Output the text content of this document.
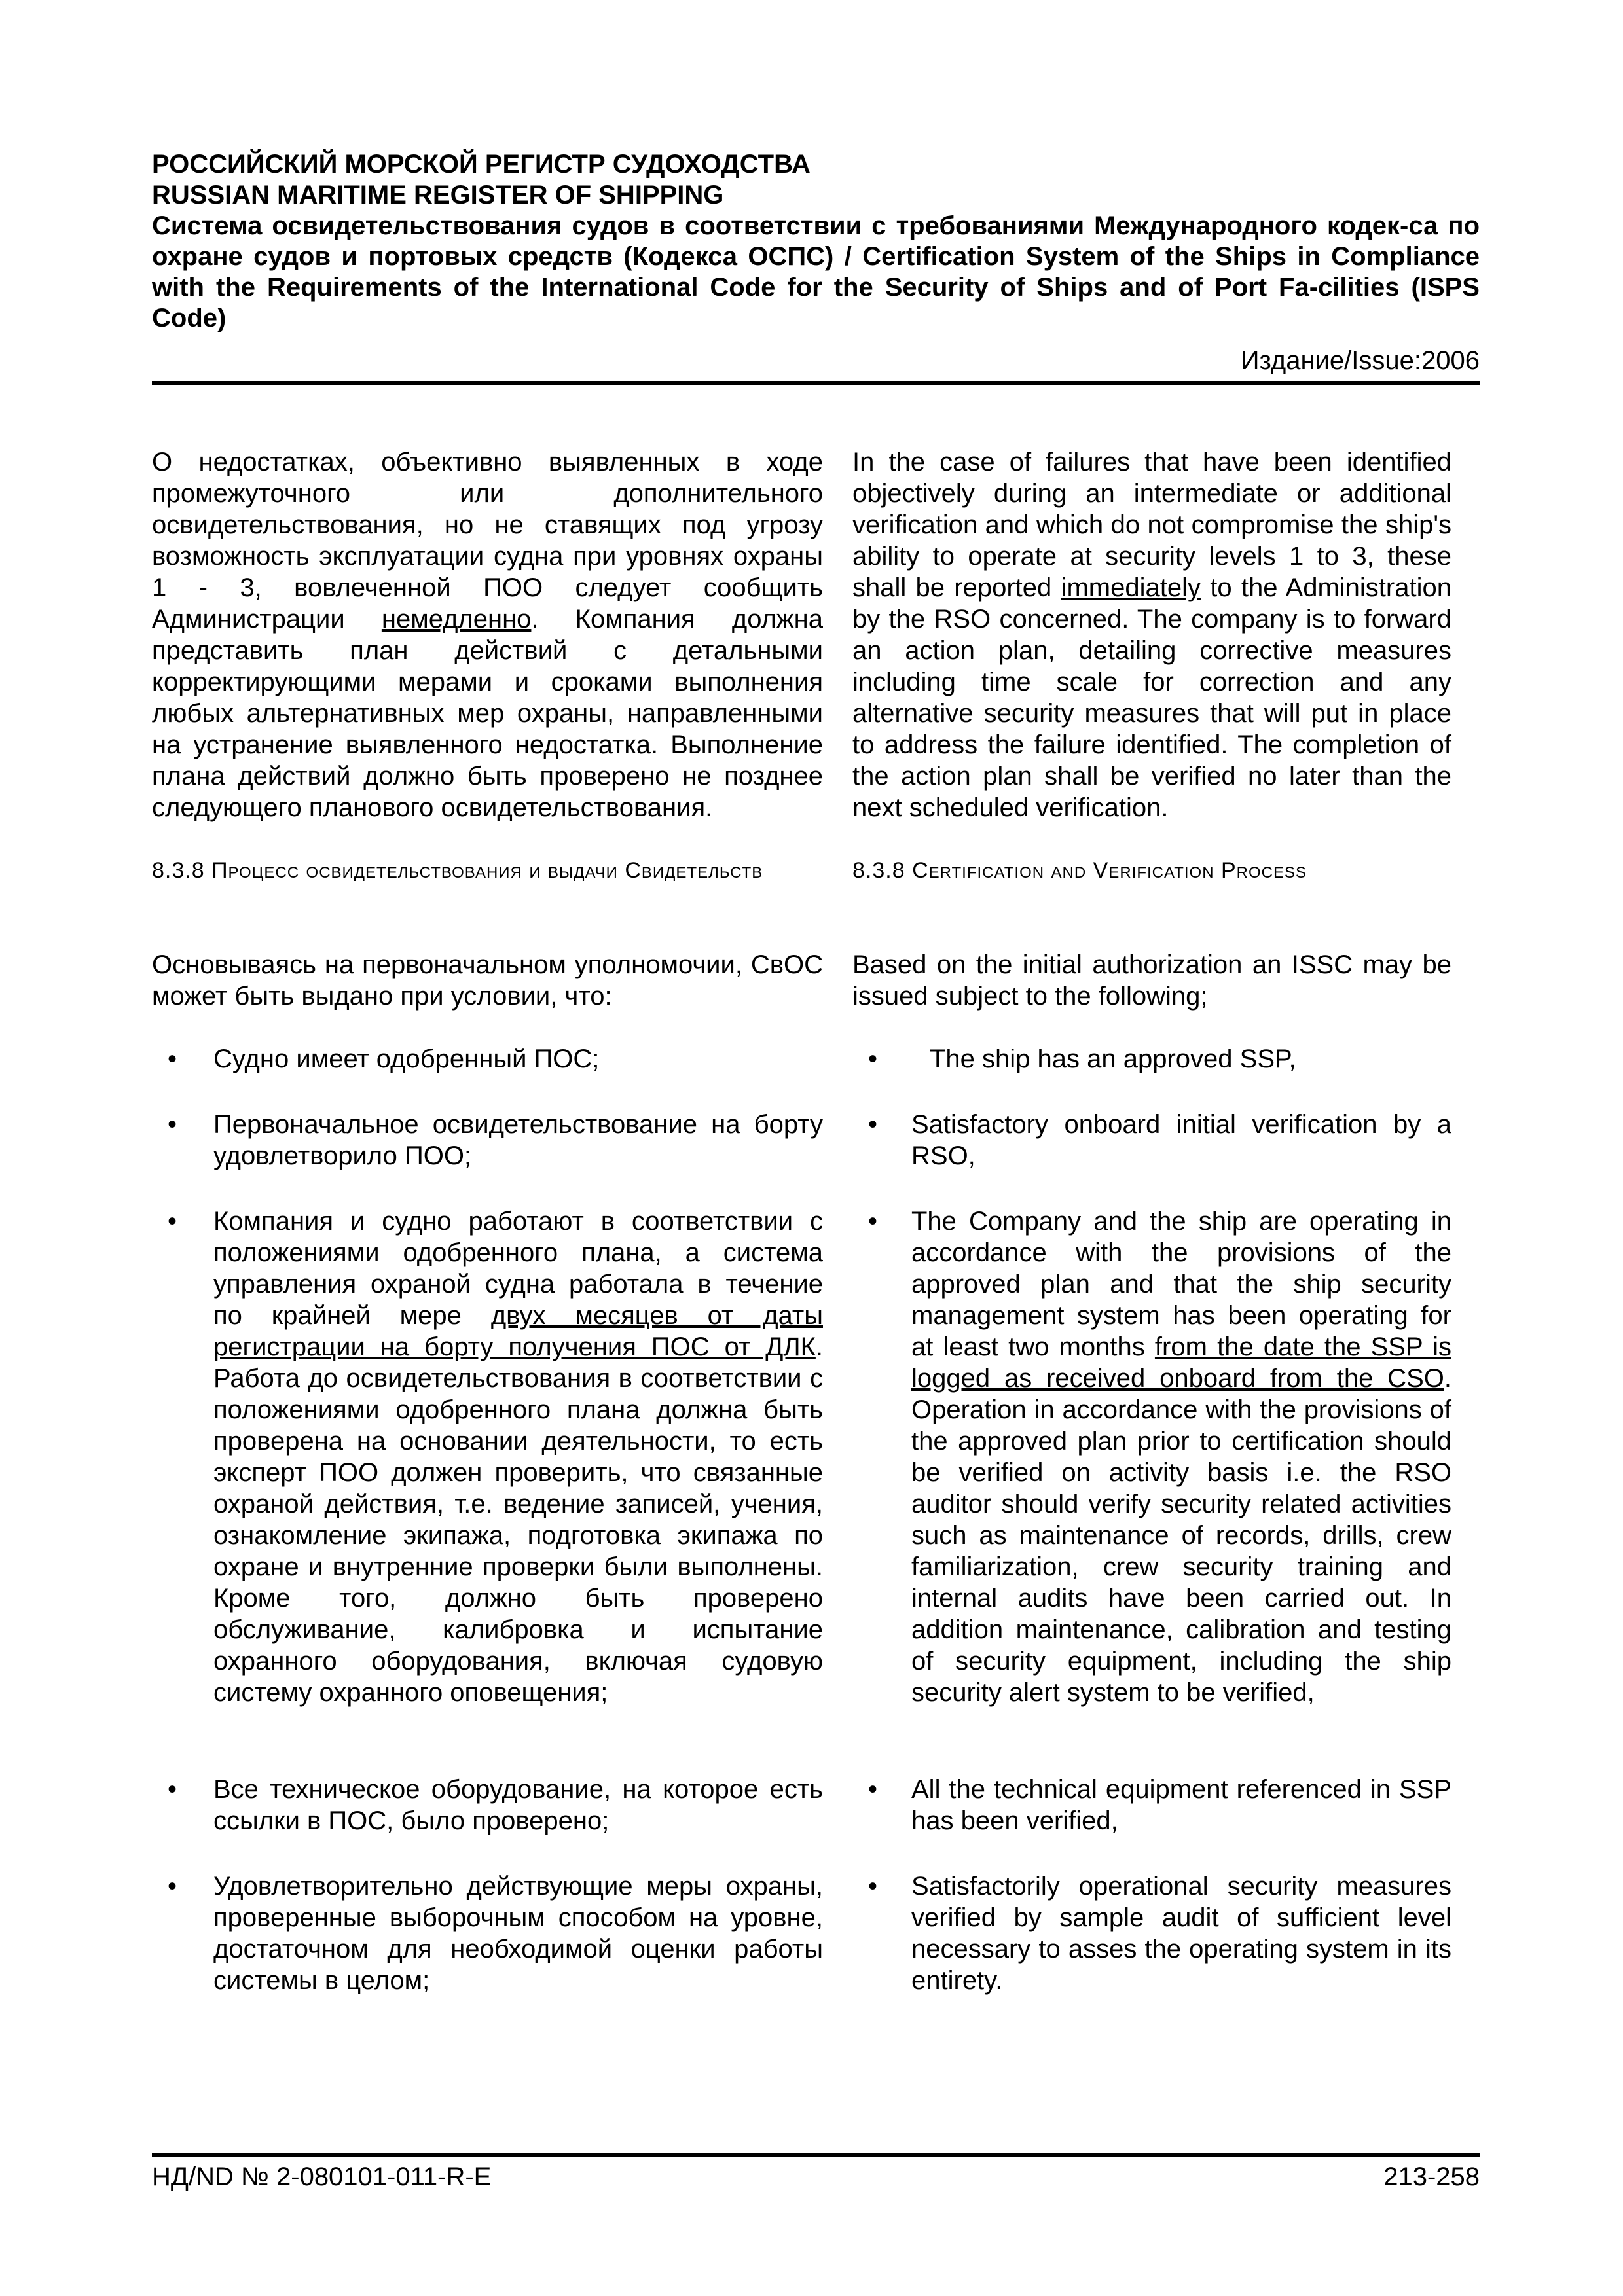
РОССИЙСКИЙ МОРСКОЙ РЕГИСТР СУДОХОДСТВА
RUSSIAN MARITIME REGISTER OF SHIPPING
Система освидетельствования судов в соответствии с требованиями Международного кодек-са по охране судов и портовых средств (Кодекса ОСПС) / Certification System of the Ships in Compliance with the Requirements of the International Code for the Security of Ships and of Port Fa-cilities (ISPS Code)
Издание/Issue:2006

О недостатках, объективно выявленных в ходе промежуточного или дополнительного освидетельствования, но не ставящих под угрозу возможность эксплуатации судна при уровнях охраны 1 - 3, вовлеченной ПОО следует сообщить Администрации немедленно. Компания должна представить план действий с детальными корректирующими мерами и сроками выполнения любых альтернативных мер охраны, направленными на устранение выявленного недостатка. Выполнение плана действий должно быть проверено не позднее следующего планового освидетельствования.

8.3.8 Процесс освидетельствования и выдачи Свидетельств

Основываясь на первоначальном уполномочии, СвОС может быть выдано при условии, что:

• Судно имеет одобренный ПОС;
• Первоначальное освидетельствование на борту удовлетворило ПОО;
• Компания и судно работают в соответствии с положениями одобренного плана, а система управления охраной судна работала в течение по крайней мере двух месяцев от даты регистрации на борту получения ПОС от ДЛК. Работа до освидетельствования в соответствии с положениями одобренного плана должна быть проверена на основании деятельности, то есть эксперт ПОО должен проверить, что связанные охраной действия, т.е. ведение записей, учения, ознакомление экипажа, подготовка экипажа по охране и внутренние проверки были выполнены. Кроме того, должно быть проверено обслуживание, калибровка и испытание охранного оборудования, включая судовую систему охранного оповещения;
• Все техническое оборудование, на которое есть ссылки в ПОС, было проверено;
• Удовлетворительно действующие меры охраны, проверенные выборочным способом на уровне, достаточном для необходимой оценки работы системы в целом;

In the case of failures that have been identified objectively during an intermediate or additional verification and which do not compromise the ship's ability to operate at security levels 1 to 3, these shall be reported immediately to the Administration by the RSO concerned. The company is to forward an action plan, detailing corrective measures including time scale for correction and any alternative security measures that will put in place to address the failure identified. The completion of the action plan shall be verified no later than the next scheduled verification.

8.3.8 Certification and Verification Process

Based on the initial authorization an ISSC may be issued subject to the following;

• The ship has an approved SSP,
• Satisfactory onboard initial verification by a RSO,
• The Company and the ship are operating in accordance with the provisions of the approved plan and that the ship security management system has been operating for at least two months from the date the SSP is logged as received onboard from the CSO. Operation in accordance with the provisions of the approved plan prior to certification should be verified on activity basis i.e. the RSO auditor should verify security related activities such as maintenance of records, drills, crew familiarization, crew security training and internal audits have been carried out. In addition maintenance, calibration and testing of security equipment, including the ship security alert system to be verified,
• All the technical equipment referenced in SSP has been verified,
• Satisfactorily operational security measures verified by sample audit of sufficient level necessary to asses the operating system in its entirety.
НД/ND № 2-080101-011-R-E	213-258
